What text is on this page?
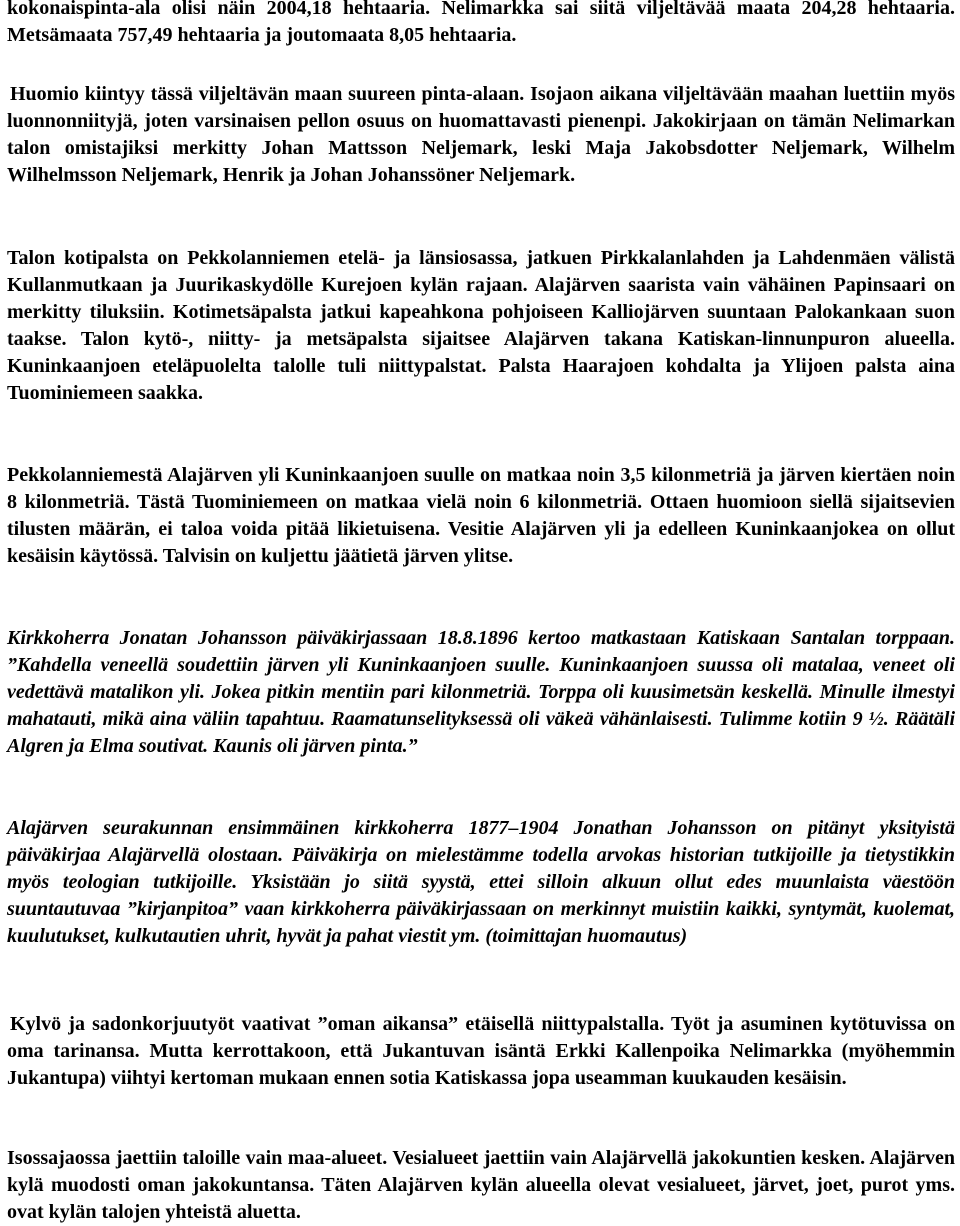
kokonaispinta-ala olisi näin 2004,18 hehtaaria. Nelimarkka sai siitä viljeltävää maata 204,28 hehtaaria. Metsämaata 757,49 hehtaaria ja joutomaata 8,05 hehtaaria.

Huomio kiintyy tässä viljeltävän maan suureen pinta-alaan. Isojaon aikana viljeltävään maahan luettiin myös luonnonniityjä, joten varsinaisen pellon osuus on huomattavasti pienenpi. Jakokirjaan on tämän Nelimarkan talon omistajiksi merkitty Johan Mattsson Neljemark, leski Maja Jakobsdotter Neljemark, Wilhelm Wilhelmsson Neljemark, Henrik ja Johan Johanssöner Neljemark.

Talon kotipalsta on Pekkolanniemen etelä- ja länsiosassa, jatkuen Pirkkalanlahden ja Lahdenmäen välistä Kullanmutkaan ja Juurikaskydölle Kurejoen kylän rajaan. Alajärven saarista vain vähäinen Papinsaari on merkitty tiluksiin. Kotimetsäpalsta jatkui kapeahkona pohjoiseen Kalliojärven suuntaan Palokankaan suon taakse. Talon kytö-, niitty- ja metsäpalsta sijaitsee Alajärven takana Katiskan-linnunpuron alueella. Kuninkaanjoen eteläpuolelta talolle tuli niittypalstat. Palsta Haarajoen kohdalta ja Ylijoen palsta aina Tuominiemeen saakka.

Pekkolanniemestä Alajärven yli Kuninkaanjoen suulle on matkaa noin 3,5 kilonmetriä ja järven kiertäen noin 8 kilonmetriä. Tästä Tuominiemeen on matkaa vielä noin 6 kilonmetriä. Ottaen huomioon siellä sijaitsevien tilusten määrän, ei taloa voida pitää likietuisena. Vesitie Alajärven yli ja edelleen Kuninkaanjokea on ollut kesäisin käytössä. Talvisin on kuljettu jäätietä järven ylitse.

Kirkkoherra Jonatan Johansson päiväkirjassaan 18.8.1896 kertoo matkastaan Katiskaan Santalan torppaan. ”Kahdella veneellä soudettiin järven yli Kuninkaanjoen suulle. Kuninkaanjoen suussa oli matalaa, veneet oli vedettävä matalikon yli. Jokea pitkin mentiin pari kilonmetriä. Torppa oli kuusimetsän keskellä. Minulle ilmestyi mahatauti, mikä aina väliin tapahtuu. Raamatunselityksessä oli väkeä vähänlaisesti. Tulimme kotiin 9 ½. Räätäli Algren ja Elma soutivat. Kaunis oli järven pinta.”

Alajärven seurakunnan ensimmäinen kirkkoherra 1877–1904 Jonathan Johansson on pitänyt yksityistä päiväkirjaa Alajärvellä olostaan. Päiväkirja on mielestämme todella arvokas historian tutkijoille ja tietystikkin myös teologian tutkijoille. Yksistään jo siitä syystä, ettei silloin alkuun ollut edes muunlaista väestöön suuntautuvaa ”kirjanpitoa” vaan kirkkoherra päiväkirjassaan on merkinnyt muistiin kaikki, syntymät, kuolemat, kuulutukset, kulkutautien uhrit, hyvät ja pahat viestit ym. (toimittajan huomautus)

Kylvö ja sadonkorjuutyöt vaativat ”oman aikansa” etäisellä niittypalstalla. Työt ja asuminen kytötuvissa on oma tarinansa. Mutta kerrottakoon, että Jukantuvan isäntä Erkki Kallenpoika Nelimarkka (myöhemmin Jukantupa) viihtyi kertoman mukaan ennen sotia Katiskassa jopa useamman kuukauden kesäisin.

Isossajaossa jaettiin taloille vain maa-alueet. Vesialueet jaettiin vain Alajärvellä jakokuntien kesken. Alajärven kylä muodosti oman jakokuntansa. Täten Alajärven kylän alueella olevat vesialueet, järvet, joet, purot yms. ovat kylän talojen yhteistä aluetta.
